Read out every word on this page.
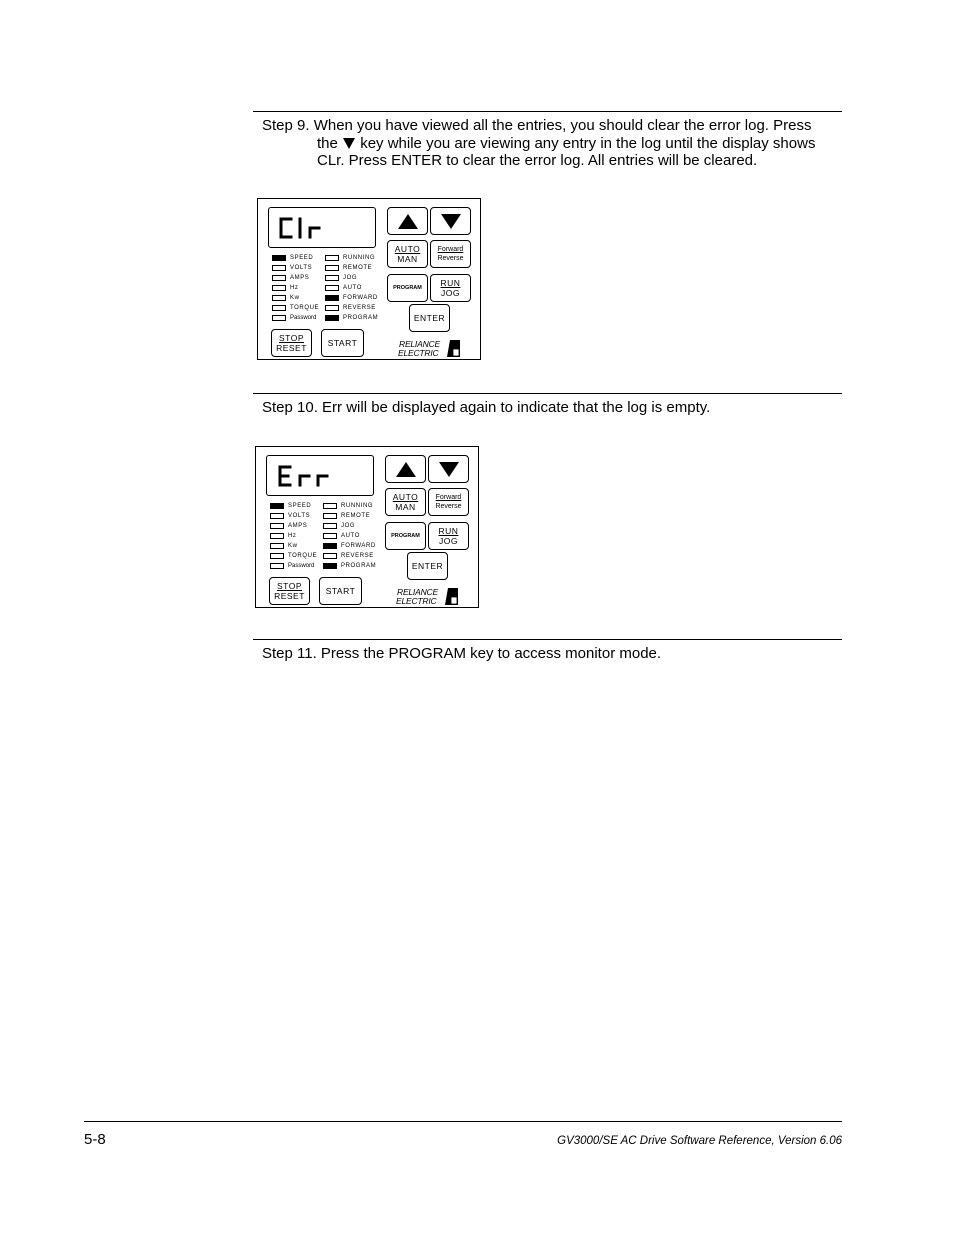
Step 9. When you have viewed all the entries, you should clear the error log. Press
the key while you are viewing any entry in the log until the display shows
CLr. Press ENTER to clear the error log. All entries will be cleared.

AUTO
MAN
Forward
Reverse
PROGRAM RUN
JOG
ENTER
STOP
RESET START
SPEED
VOLTS
AMPS
Hz
Kw
TORQUE
Password
RUNNING
REMOTE
JOG
AUTO
FORWARD
REVERSE
PROGRAM
RELIANCE
ELECTRIC

Step 10. Err will be displayed again to indicate that the log is empty.

AUTO
MAN
Forward
Reverse
PROGRAM RUN
JOG
ENTER
STOP
RESET START
SPEED
VOLTS
AMPS
Hz
Kw
TORQUE
Password
RUNNING
REMOTE
JOG
AUTO
FORWARD
REVERSE
PROGRAM
RELIANCE
ELECTRIC

Step 11. Press the PROGRAM key to access monitor mode.

5-8	GV3000/SE AC Drive Software Reference, Version 6.06
